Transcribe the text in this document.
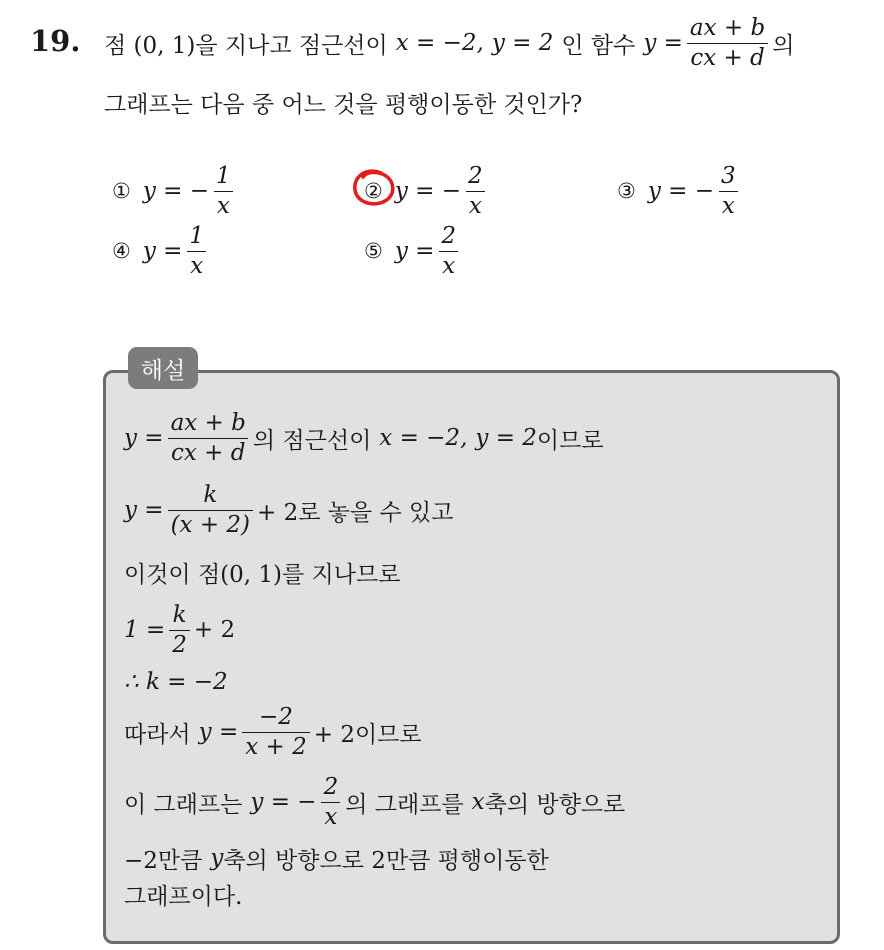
19. 점 (0, 1)을 지나고 점근선이 x = −2, y = 2 인 함수 $y = \frac{ax + b}{cx + d}$ 의
그래프는 다음 중 어느 것을 평행이동한 것인가?
① y = − $\frac{1}{x}$	② y = − $\frac{2}{x}$	③ y = − $\frac{3}{x}$
④ $y = \frac{1}{x}$	⑤ $y = \frac{2}{x}$
해설
$y = \frac{ax + b}{cx + d}$ 의 점근선이 x = −2, y = 2 이므로
$y = \frac{k}{(x + 2)} + 2$로 놓을 수 있고
이것이 점(0, 1)를 지나므로
$1 = \frac{k}{2} + 2$
∴ k = −2
따라서 $y = \frac{-2}{x + 2} + 2$이므로
이 그래프는 y = − $\frac{2}{x}$ 의 그래프를 x 축의 방향으로
−2만큼 y 축의 방향으로 2만큼 평행이동한
그래프이다.
